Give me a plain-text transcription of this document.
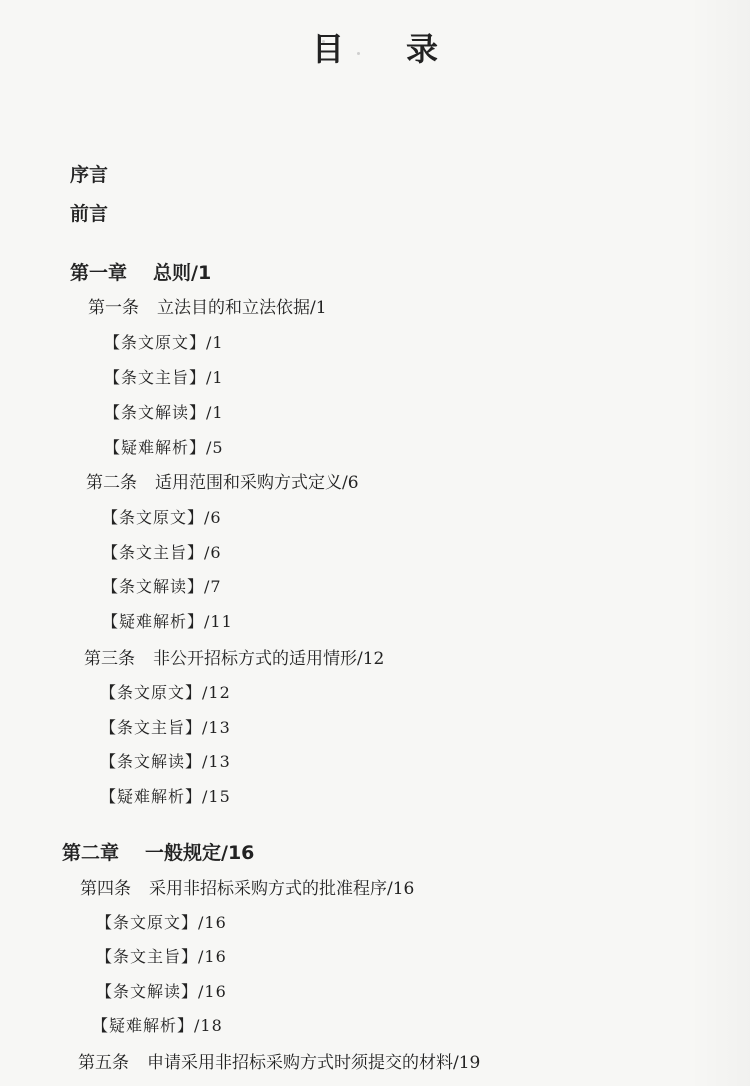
目录
序言
前言
第一章 总则/1
第一条 立法目的和立法依据/1
【条文原文】/1
【条文主旨】/1
【条文解读】/1
【疑难解析】/5
第二条 适用范围和采购方式定义/6
【条文原文】/6
【条文主旨】/6
【条文解读】/7
【疑难解析】/11
第三条 非公开招标方式的适用情形/12
【条文原文】/12
【条文主旨】/13
【条文解读】/13
【疑难解析】/15
第二章 一般规定/16
第四条 采用非招标采购方式的批准程序/16
【条文原文】/16
【条文主旨】/16
【条文解读】/16
【疑难解析】/18
第五条 申请采用非招标采购方式时须提交的材料/19
